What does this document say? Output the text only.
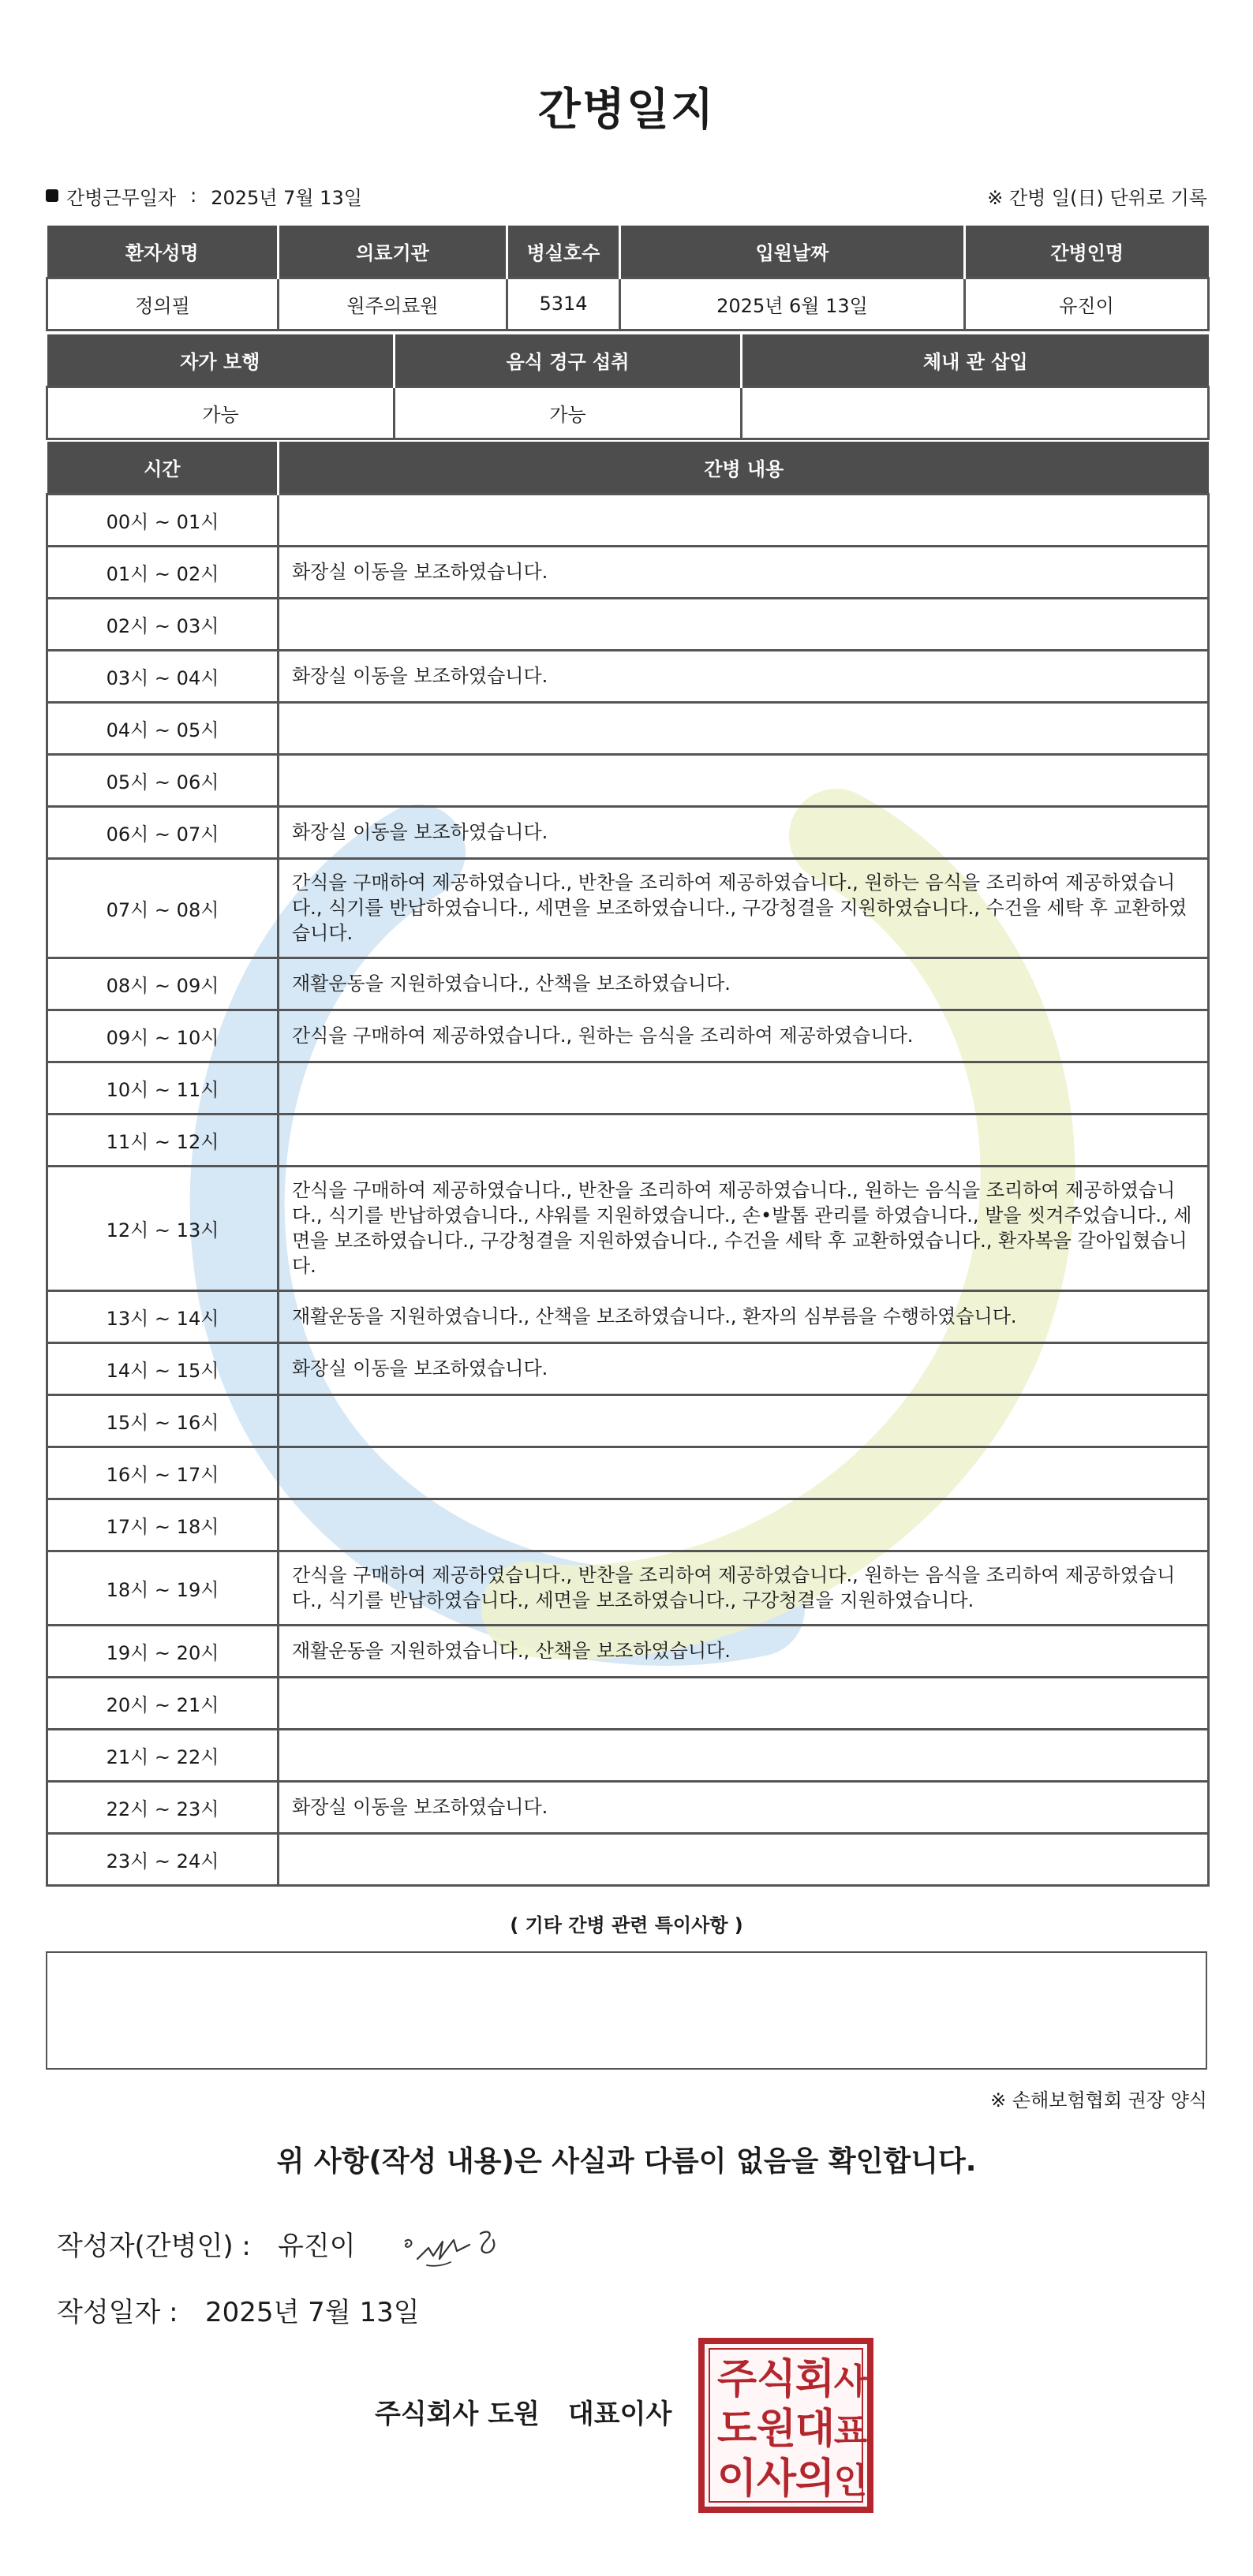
간병일지
간병근무일자 : 2025년 7월 13일	※ 간병 일(日) 단위로 기록
환자성명	의료기관	병실호수	입원날짜	간병인명
정의필	원주의료원	5314	2025년 6월 13일	유진이
자가 보행	음식 경구 섭취	체내 관 삽입
가능	가능	
시간	간병 내용
00시 ~ 01시	
01시 ~ 02시	화장실 이동을 보조하였습니다.
02시 ~ 03시	
03시 ~ 04시	화장실 이동을 보조하였습니다.
04시 ~ 05시	
05시 ~ 06시	
06시 ~ 07시	화장실 이동을 보조하였습니다.
07시 ~ 08시	간식을 구매하여 제공하였습니다., 반찬을 조리하여 제공하였습니다., 원하는 음식을 조리하여 제공하였습니다., 식기를 반납하였습니다., 세면을 보조하였습니다., 구강청결을 지원하였습니다., 수건을 세탁 후 교환하였습니다.
08시 ~ 09시	재활운동을 지원하였습니다., 산책을 보조하였습니다.
09시 ~ 10시	간식을 구매하여 제공하였습니다., 원하는 음식을 조리하여 제공하였습니다.
10시 ~ 11시	
11시 ~ 12시	
12시 ~ 13시	간식을 구매하여 제공하였습니다., 반찬을 조리하여 제공하였습니다., 원하는 음식을 조리하여 제공하였습니다., 식기를 반납하였습니다., 샤워를 지원하였습니다., 손•발톱 관리를 하였습니다., 발을 씻겨주었습니다., 세면을 보조하였습니다., 구강청결을 지원하였습니다., 수건을 세탁 후 교환하였습니다., 환자복을 갈아입혔습니다.
13시 ~ 14시	재활운동을 지원하였습니다., 산책을 보조하였습니다., 환자의 심부름을 수행하였습니다.
14시 ~ 15시	화장실 이동을 보조하였습니다.
15시 ~ 16시	
16시 ~ 17시	
17시 ~ 18시	
18시 ~ 19시	간식을 구매하여 제공하였습니다., 반찬을 조리하여 제공하였습니다., 원하는 음식을 조리하여 제공하였습니다., 식기를 반납하였습니다., 세면을 보조하였습니다., 구강청결을 지원하였습니다.
19시 ~ 20시	재활운동을 지원하였습니다., 산책을 보조하였습니다.
20시 ~ 21시	
21시 ~ 22시	
22시 ~ 23시	화장실 이동을 보조하였습니다.
23시 ~ 24시	
( 기타 간병 관련 특이사항 )
※ 손해보험협회 권장 양식
위 사항(작성 내용)은 사실과 다름이 없음을 확인합니다.
작성자(간병인) :	유진이
작성일자 :	2025년 7월 13일
주식회사 도원 대표이사
주 식
회
사
도 원
대
표
이 사
의
인
